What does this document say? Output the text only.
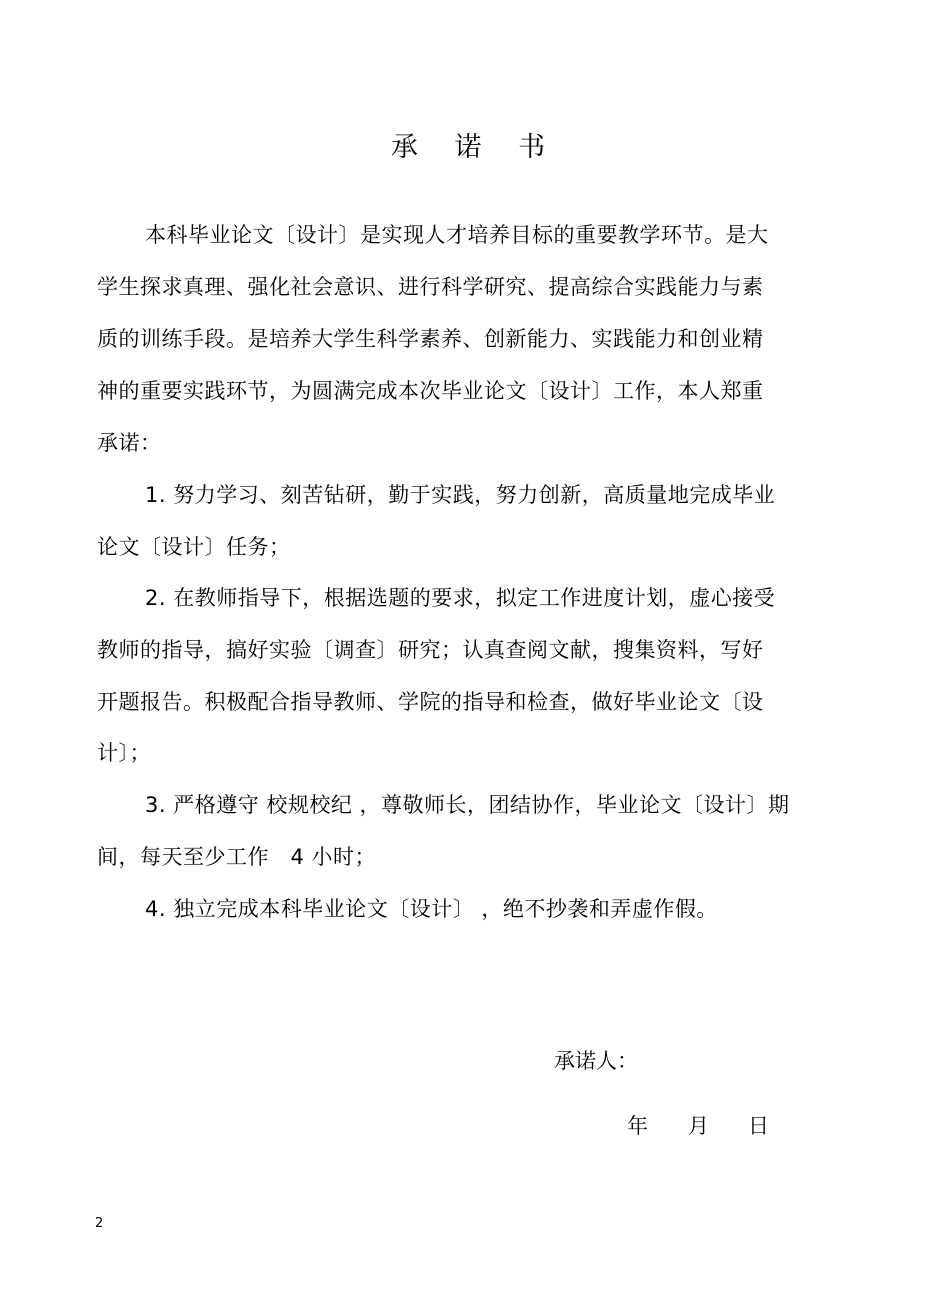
承 诺 书
本科毕业论文〔设计〕是实现人才培养目标的重要教学环节。是大
学生探求真理、强化社会意识、进行科学研究、提高综合实践能力与素
质的训练手段。是培养大学生科学素养、创新能力、实践能力和创业精
神的重要实践环节，为圆满完成本次毕业论文〔设计〕工作，本人郑重
承诺：
1. 努力学习、刻苦钻研，勤于实践，努力创新，高质量地完成毕业
论文〔设计〕任务；
2. 在教师指导下，根据选题的要求，拟定工作进度计划，虚心接受
教师的指导，搞好实验〔调查〕研究；认真查阅文献，搜集资料，写好
开题报告。积极配合指导教师、学院的指导和检查，做好毕业论文〔设
计〕；
3. 严格遵守 校规校纪 ，尊敬师长，团结协作，毕业论文〔设计〕期
间，每天至少工作   4 小时；
4. 独立完成本科毕业论文〔设计〕 ，绝不抄袭和弄虚作假。
承诺人：
年 月 日
2
